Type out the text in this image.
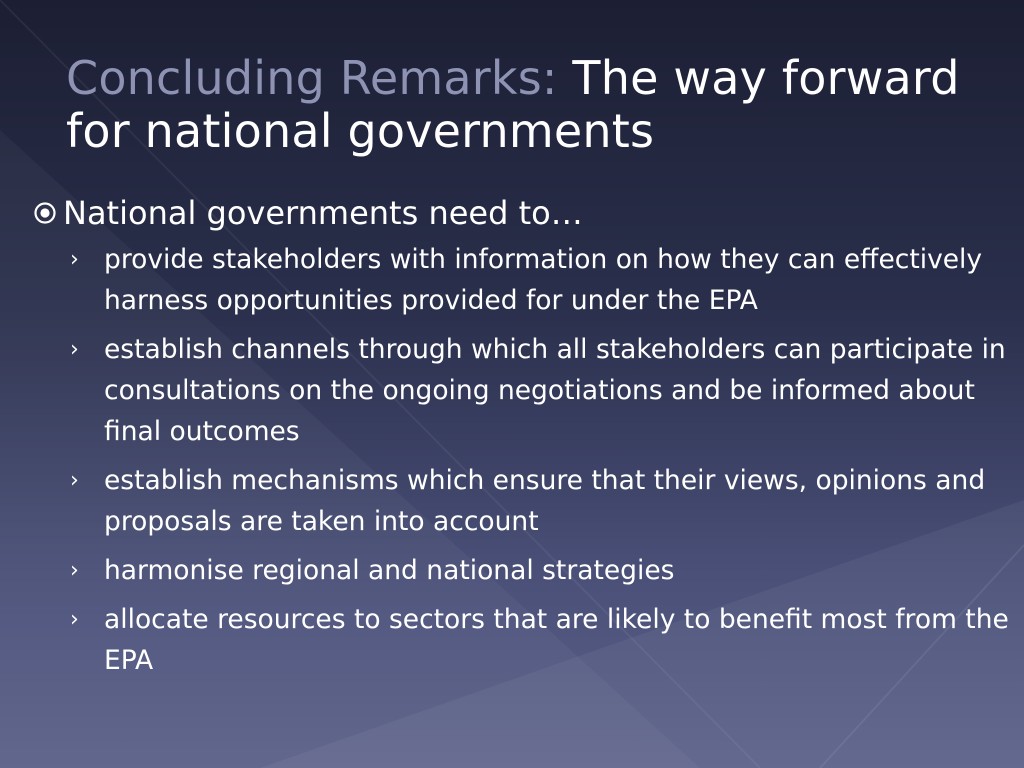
Concluding Remarks: The way forward for national governments
National governments need to…
› provide stakeholders with information on how they can effectively harness opportunities provided for under the EPA
› establish channels through which all stakeholders can participate in consultations on the ongoing negotiations and be informed about final outcomes
› establish mechanisms which ensure that their views, opinions and proposals are taken into account
› harmonise regional and national strategies
› allocate resources to sectors that are likely to benefit most from the EPA
